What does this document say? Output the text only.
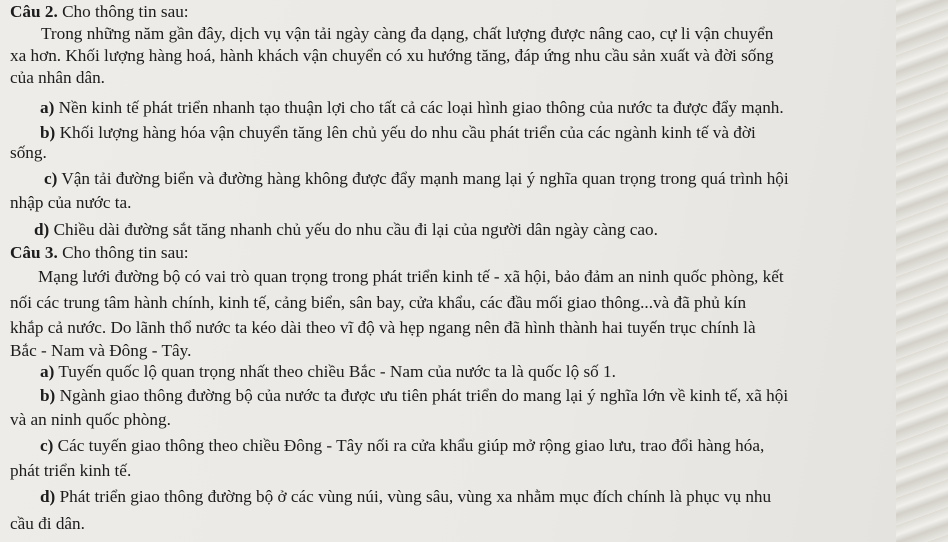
Câu 2. Cho thông tin sau:
Trong những năm gần đây, dịch vụ vận tải ngày càng đa dạng, chất lượng được nâng cao, cự li vận chuyển
xa hơn. Khối lượng hàng hoá, hành khách vận chuyển có xu hướng tăng, đáp ứng nhu cầu sản xuất và đời sống
của nhân dân.
a) Nền kinh tế phát triển nhanh tạo thuận lợi cho tất cả các loại hình giao thông của nước ta được đẩy mạnh.
b) Khối lượng hàng hóa vận chuyển tăng lên chủ yếu do nhu cầu phát triển của các ngành kinh tế và đời
sống.
c) Vận tải đường biển và đường hàng không được đẩy mạnh mang lại ý nghĩa quan trọng trong quá trình hội
nhập của nước ta.
d) Chiều dài đường sắt tăng nhanh chủ yếu do nhu cầu đi lại của người dân ngày càng cao.
Câu 3. Cho thông tin sau:
Mạng lưới đường bộ có vai trò quan trọng trong phát triển kinh tế - xã hội, bảo đảm an ninh quốc phòng, kết
nối các trung tâm hành chính, kinh tế, cảng biển, sân bay, cửa khẩu, các đầu mối giao thông...và đã phủ kín
khắp cả nước. Do lãnh thổ nước ta kéo dài theo vĩ độ và hẹp ngang nên đã hình thành hai tuyến trục chính là
Bắc - Nam và Đông - Tây.
a) Tuyến quốc lộ quan trọng nhất theo chiều Bắc - Nam của nước ta là quốc lộ số 1.
b) Ngành giao thông đường bộ của nước ta được ưu tiên phát triển do mang lại ý nghĩa lớn về kinh tế, xã hội
và an ninh quốc phòng.
c) Các tuyến giao thông theo chiều Đông - Tây nối ra cửa khẩu giúp mở rộng giao lưu, trao đổi hàng hóa,
phát triển kinh tế.
d) Phát triển giao thông đường bộ ở các vùng núi, vùng sâu, vùng xa nhằm mục đích chính là phục vụ nhu
cầu đi dân.
